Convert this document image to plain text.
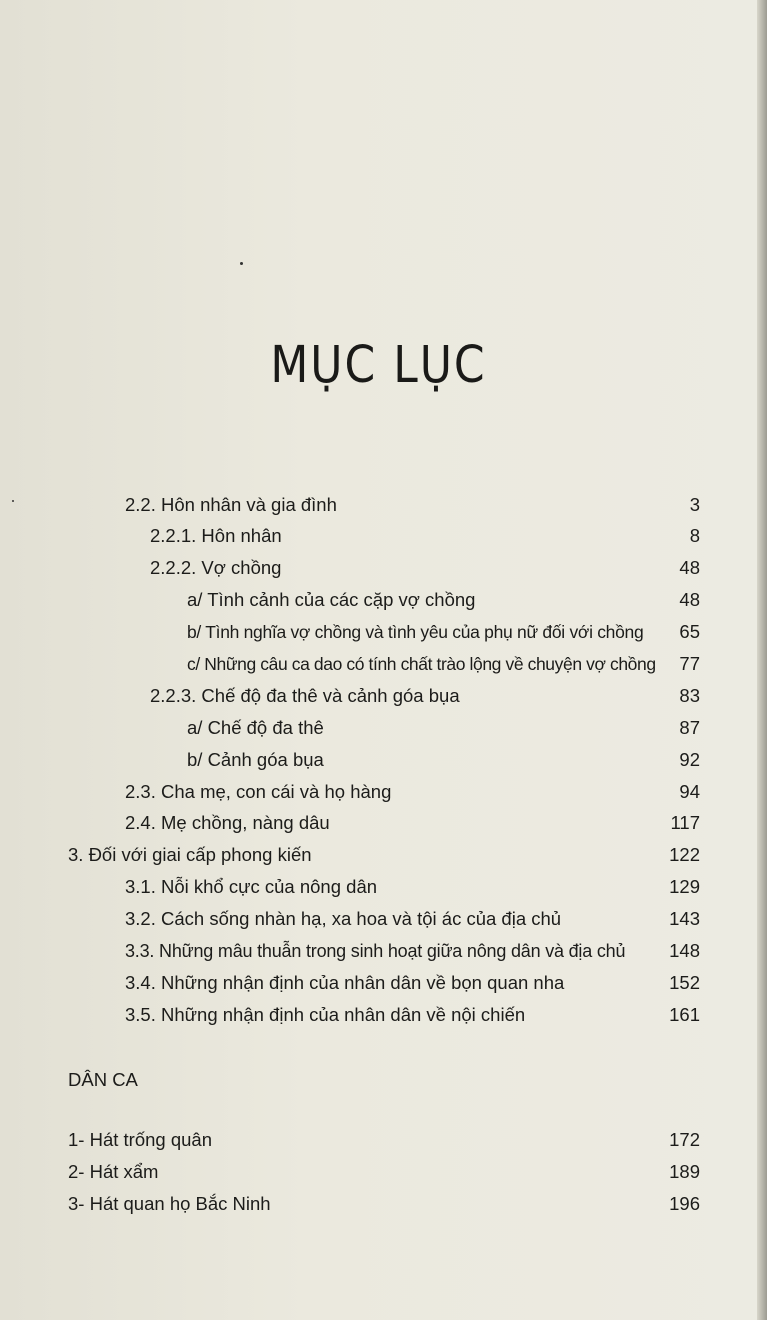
MỤC LỤC
2.2. Hôn nhân và gia đình	3
2.2.1. Hôn nhân	8
2.2.2. Vợ chồng	48
a/ Tình cảnh của các cặp vợ chồng	48
b/ Tình nghĩa vợ chồng và tình yêu của phụ nữ đối với chồng 65
c/ Những câu ca dao có tính chất trào lộng về chuyện vợ chồng 77
2.2.3. Chế độ đa thê và cảnh góa bụa	83
a/ Chế độ đa thê	87
b/ Cảnh góa bụa	92
2.3. Cha mẹ, con cái và họ hàng	94
2.4. Mẹ chồng, nàng dâu	117
3. Đối với giai cấp phong kiến	122
3.1. Nỗi khổ cực của nông dân	129
3.2. Cách sống nhàn hạ, xa hoa và tội ác của địa chủ	143
3.3. Những mâu thuẫn trong sinh hoạt giữa nông dân và địa chủ 148
3.4. Những nhận định của nhân dân về bọn quan nha	152
3.5. Những nhận định của nhân dân về nội chiến	161
DÂN CA
1- Hát trống quân	172
2- Hát xẩm	189
3- Hát quan họ Bắc Ninh	196
